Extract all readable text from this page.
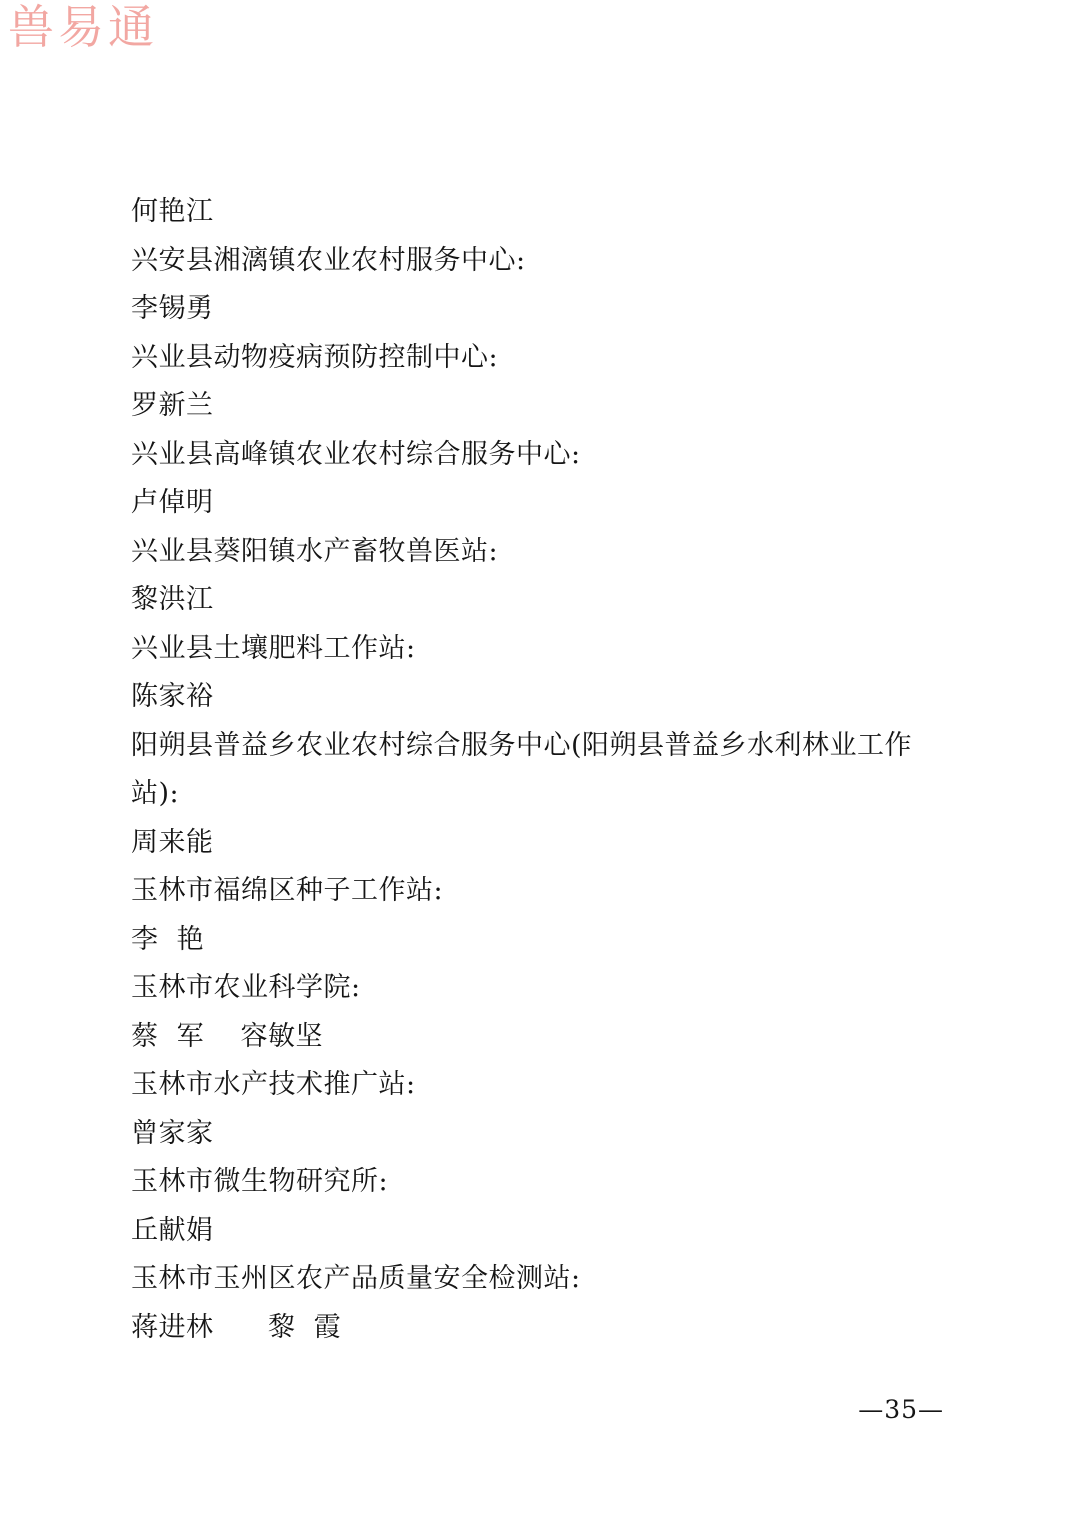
兽易通
何艳江
兴安县湘漓镇农业农村服务中心:
李锡勇
兴业县动物疫病预防控制中心:
罗新兰
兴业县高峰镇农业农村综合服务中心:
卢倬明
兴业县葵阳镇水产畜牧兽医站:
黎洪江
兴业县土壤肥料工作站:
陈家裕
阳朔县普益乡农业农村综合服务中心(阳朔县普益乡水利林业工作站):
周来能
玉林市福绵区种子工作站:
李  艳
玉林市农业科学院:
蔡  军    容敏坚
玉林市水产技术推广站:
曾家家
玉林市微生物研究所:
丘献娟
玉林市玉州区农产品质量安全检测站:
蒋进林      黎  霞
—35—
